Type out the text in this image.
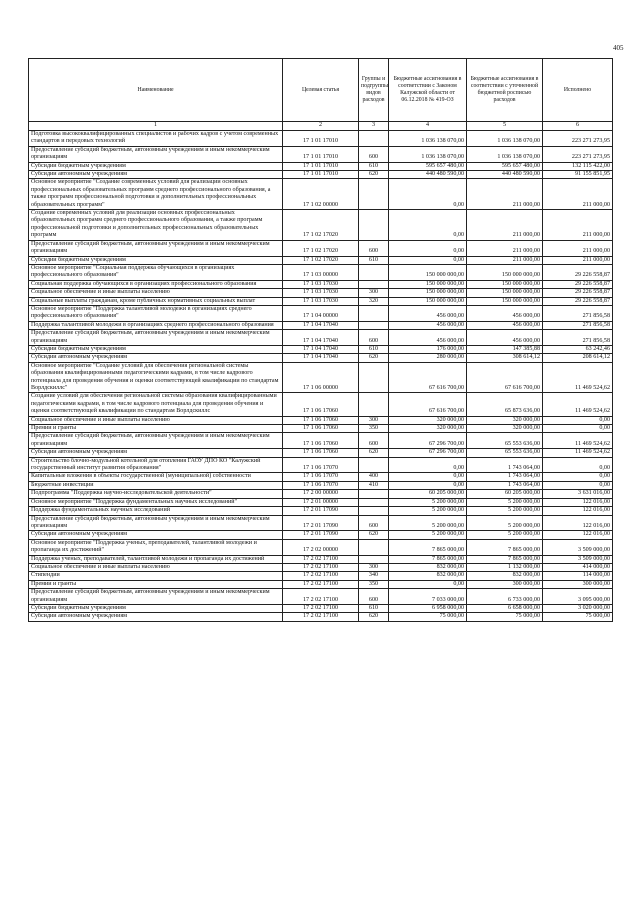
405
Наименование	Целевая статья	Группы и подгруппы видов расходов	Бюджетные ассигнования в соответствии с Законом Калужской области от 06.12.2018 № 419-ОЗ	Бюджетные ассигнования в соответствии с уточненной бюджетной росписью расходов	Исполнено
1	2	3	4	5	6
Подготовка высококвалифицированных специалистов и рабочих кадров с учетом современных стандартов и передовых технологий	17 1 01 17010		1 036 138 070,00	1 036 138 070,00	223 271 273,95
Предоставление субсидий бюджетным, автономным учреждениям и иным некоммерческим организациям	17 1 01 17010	600	1 036 138 070,00	1 036 138 070,00	223 271 273,95
Субсидии бюджетным учреждениям	17 1 01 17010	610	595 657 480,00	595 657 480,00	132 115 422,00
Субсидии автономным учреждениям	17 1 01 17010	620	440 480 590,00	440 480 590,00	91 155 851,95
Основное мероприятие "Создание современных условий для реализации основных профессиональных образовательных программ среднего профессионального образования, а также программ профессиональной подготовки и дополнительных профессиональных образовательных программ"	17 1 02 00000		0,00	211 000,00	211 000,00
Создание современных условий для реализации основных профессиональных образовательных программ среднего профессионального образования, а также программ профессиональной подготовки и дополнительных профессиональных образовательных программ	17 1 02 17020		0,00	211 000,00	211 000,00
Предоставление субсидий бюджетным, автономным учреждениям и иным некоммерческим организациям	17 1 02 17020	600	0,00	211 000,00	211 000,00
Субсидии бюджетным учреждениям	17 1 02 17020	610	0,00	211 000,00	211 000,00
Основное мероприятие "Социальная поддержка обучающихся в организациях профессионального образования"	17 1 03 00000		150 000 000,00	150 000 000,00	29 226 558,87
Социальная поддержка обучающихся в организациях профессионального образования	17 1 03 17030		150 000 000,00	150 000 000,00	29 226 558,87
Социальное обеспечение и иные выплаты населению	17 1 03 17030	300	150 000 000,00	150 000 000,00	29 226 558,87
Социальные выплаты гражданам, кроме публичных нормативных социальных выплат	17 1 03 17030	320	150 000 000,00	150 000 000,00	29 226 558,87
Основное мероприятие "Поддержка талантливой молодежи в организациях среднего профессионального образования"	17 1 04 00000		456 000,00	456 000,00	271 856,58
Поддержка талантливой молодежи в организациях среднего профессионального образования	17 1 04 17040		456 000,00	456 000,00	271 856,58
Предоставление субсидий бюджетным, автономным учреждениям и иным некоммерческим организациям	17 1 04 17040	600	456 000,00	456 000,00	271 856,58
Субсидии бюджетным учреждениям	17 1 04 17040	610	176 000,00	147 385,88	63 242,46
Субсидии автономным учреждениям	17 1 04 17040	620	280 000,00	308 614,12	208 614,12
Основное мероприятие "Создание условий для обеспечения региональной системы образования квалифицированными педагогическими кадрами, в том числе кадрового потенциала для проведения обучения и оценки соответствующей квалификации по стандартам Ворлдскиллс"	17 1 06 00000		67 616 700,00	67 616 700,00	11 469 524,62
Создание условий для обеспечения региональной системы образования квалифицированными педагогическими кадрами, в том числе кадрового потенциала для проведения обучения и оценки соответствующей квалификации по стандартам Ворлдскиллс	17 1 06 17060		67 616 700,00	65 873 636,00	11 469 524,62
Социальное обеспечение и иные выплаты населению	17 1 06 17060	300	320 000,00	320 000,00	0,00
Премии и гранты	17 1 06 17060	350	320 000,00	320 000,00	0,00
Предоставление субсидий бюджетным, автономным учреждениям и иным некоммерческим организациям	17 1 06 17060	600	67 296 700,00	65 553 636,00	11 469 524,62
Субсидии автономным учреждениям	17 1 06 17060	620	67 296 700,00	65 553 636,00	11 469 524,62
Строительство блочно-модульной котельной для отопления ГАОУ ДПО КО "Калужский государственный институт развития образования"	17 1 06 17070		0,00	1 743 064,00	0,00
Капитальные вложения в объекты государственной (муниципальной) собственности	17 1 06 17070	400	0,00	1 743 064,00	0,00
Бюджетные инвестиции	17 1 06 17070	410	0,00	1 743 064,00	0,00
Подпрограмма "Поддержка научно-исследовательской деятельности"	17 2 00 00000		60 205 000,00	60 205 000,00	3 631 016,00
Основное мероприятие "Поддержка фундаментальных научных исследований"	17 2 01 00000		5 200 000,00	5 200 000,00	122 016,00
Поддержка фундаментальных научных исследований	17 2 01 17090		5 200 000,00	5 200 000,00	122 016,00
Предоставление субсидий бюджетным, автономным учреждениям и иным некоммерческим организациям	17 2 01 17090	600	5 200 000,00	5 200 000,00	122 016,00
Субсидии автономным учреждениям	17 2 01 17090	620	5 200 000,00	5 200 000,00	122 016,00
Основное мероприятие "Поддержка ученых, преподавателей, талантливой молодежи и пропаганда их достижений"	17 2 02 00000		7 865 000,00	7 865 000,00	3 509 000,00
Поддержка ученых, преподавателей, талантливой молодежи и пропаганда их достижений	17 2 02 17100		7 865 000,00	7 865 000,00	3 509 000,00
Социальное обеспечение и иные выплаты населению	17 2 02 17100	300	832 000,00	1 132 000,00	414 000,00
Стипендии	17 2 02 17100	340	832 000,00	832 000,00	114 000,00
Премии и гранты	17 2 02 17100	350	0,00	300 000,00	300 000,00
Предоставление субсидий бюджетным, автономным учреждениям и иным некоммерческим организациям	17 2 02 17100	600	7 033 000,00	6 733 000,00	3 095 000,00
Субсидии бюджетным учреждениям	17 2 02 17100	610	6 958 000,00	6 658 000,00	3 020 000,00
Субсидии автономным учреждениям	17 2 02 17100	620	75 000,00	75 000,00	75 000,00
